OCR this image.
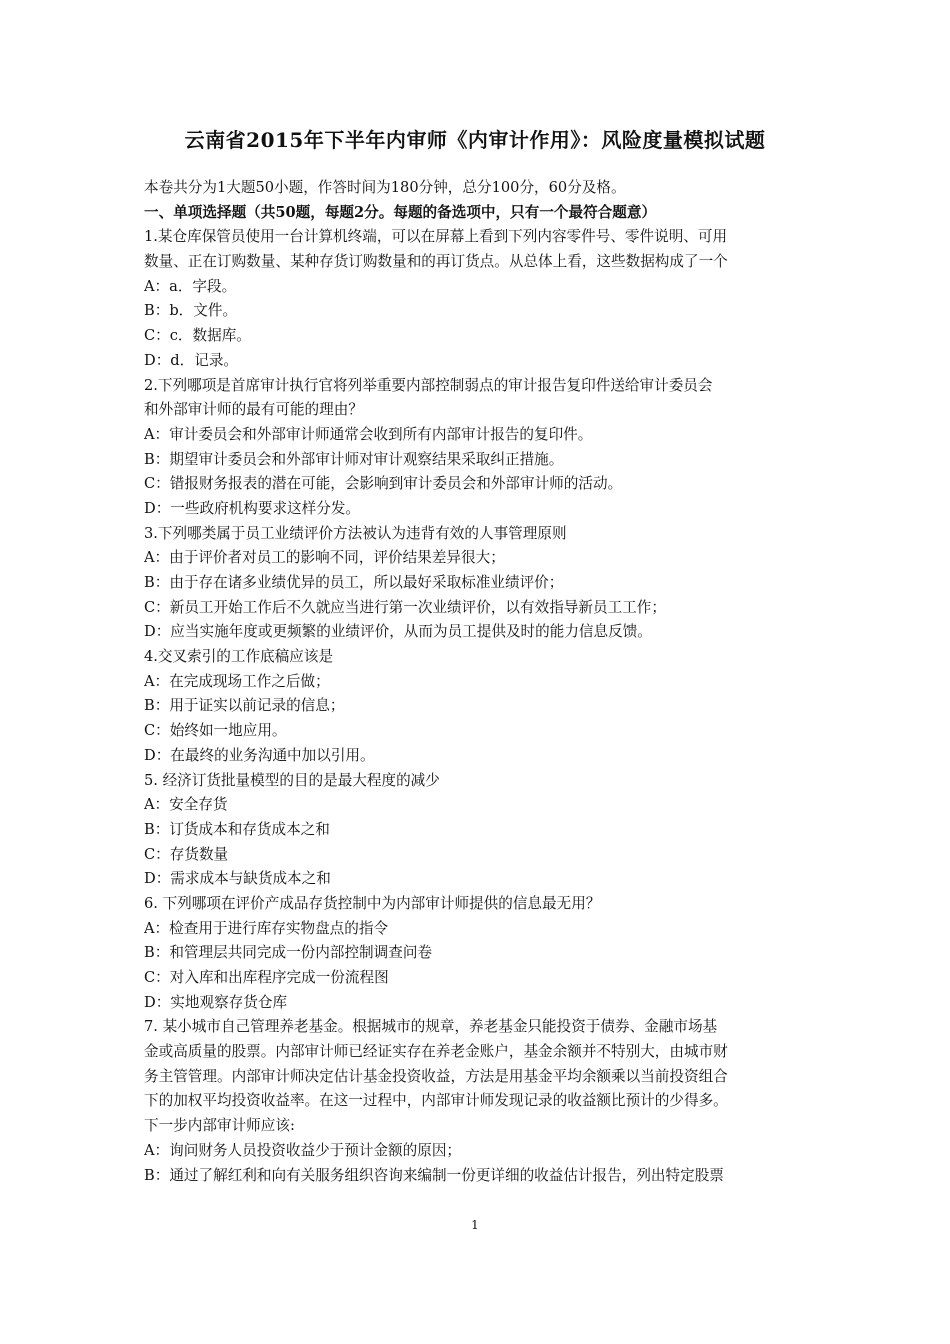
云南省2015年下半年内审师《内审计作用》：风险度量模拟试题
本卷共分为1大题50小题，作答时间为180分钟，总分100分，60分及格。
一、单项选择题（共50题，每题2分。每题的备选项中，只有一个最符合题意）
1.某仓库保管员使用一台计算机终端，可以在屏幕上看到下列内容零件号、零件说明、可用
数量、正在订购数量、某种存货订购数量和的再订货点。从总体上看，这些数据构成了一个
A：a．字段。
B：b．文件。
C：c．数据库。
D：d．记录。
2.下列哪项是首席审计执行官将列举重要内部控制弱点的审计报告复印件送给审计委员会
和外部审计师的最有可能的理由？
A：审计委员会和外部审计师通常会收到所有内部审计报告的复印件。
B：期望审计委员会和外部审计师对审计观察结果采取纠正措施。
C：错报财务报表的潜在可能，会影响到审计委员会和外部审计师的活动。
D：一些政府机构要求这样分发。
3.下列哪类属于员工业绩评价方法被认为违背有效的人事管理原则
A：由于评价者对员工的影响不同，评价结果差异很大；
B：由于存在诸多业绩优异的员工，所以最好采取标准业绩评价；
C：新员工开始工作后不久就应当进行第一次业绩评价，以有效指导新员工工作；
D：应当实施年度或更频繁的业绩评价，从而为员工提供及时的能力信息反馈。
4.交叉索引的工作底稿应该是
A：在完成现场工作之后做；
B：用于证实以前记录的信息；
C：始终如一地应用。
D：在最终的业务沟通中加以引用。
5. 经济订货批量模型的目的是最大程度的减少
A：安全存货
B：订货成本和存货成本之和
C：存货数量
D：需求成本与缺货成本之和
6. 下列哪项在评价产成品存货控制中为内部审计师提供的信息最无用？
A：检查用于进行库存实物盘点的指令
B：和管理层共同完成一份内部控制调查问卷
C：对入库和出库程序完成一份流程图
D：实地观察存货仓库
7. 某小城市自己管理养老基金。根据城市的规章，养老基金只能投资于债券、金融市场基
金或高质量的股票。内部审计师已经证实存在养老金账户，基金余额并不特别大，由城市财
务主管管理。内部审计师决定估计基金投资收益，方法是用基金平均余额乘以当前投资组合
下的加权平均投资收益率。在这一过程中，内部审计师发现记录的收益额比预计的少得多。
下一步内部审计师应该:
A：询问财务人员投资收益少于预计金额的原因；
B：通过了解红利和向有关服务组织咨询来编制一份更详细的收益估计报告，列出特定股票
1
